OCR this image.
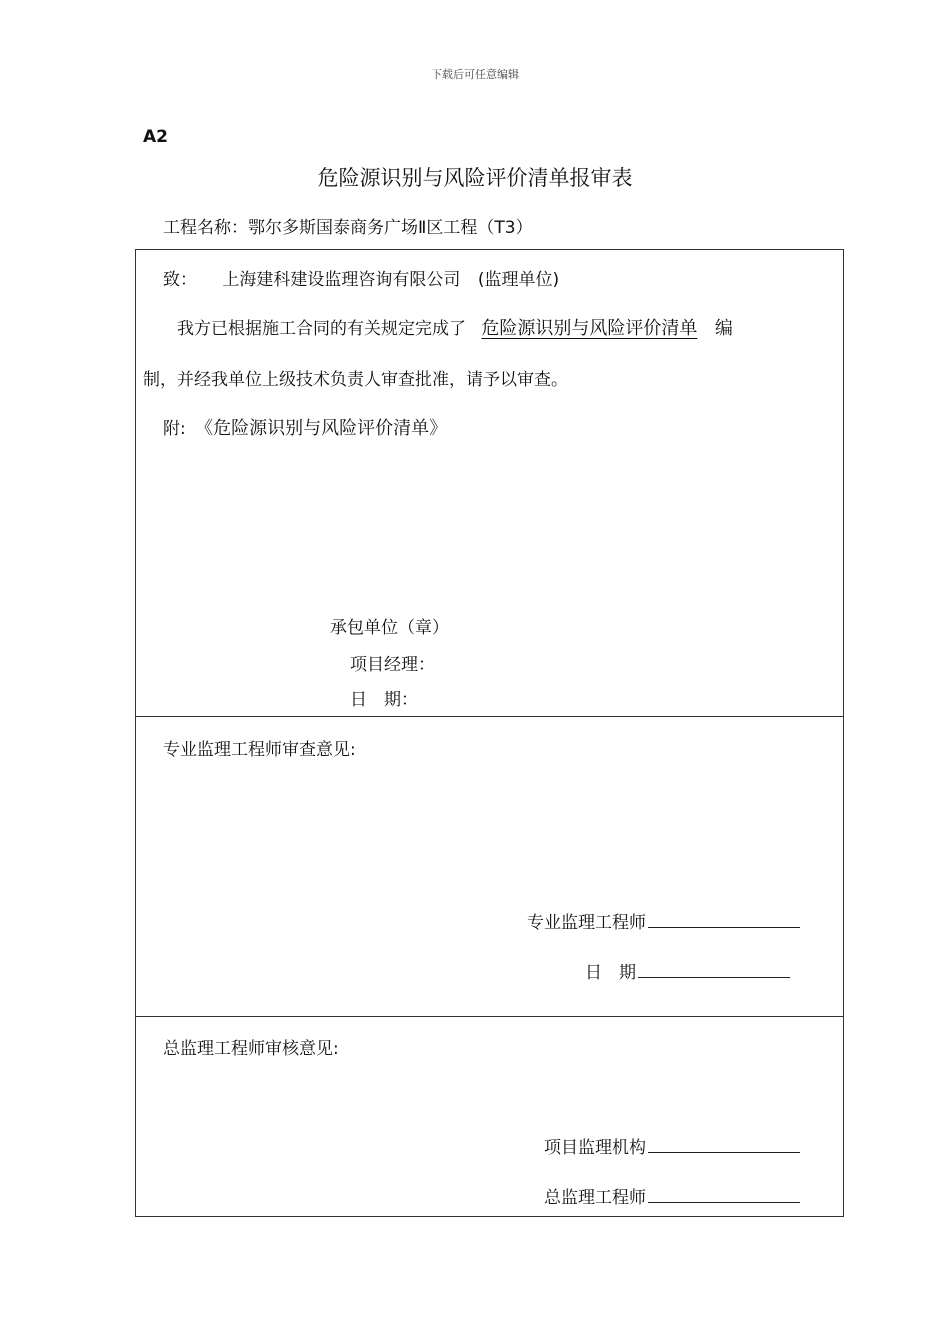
下载后可任意编辑
A2
危险源识别与风险评价清单报审表
工程名称：鄂尔多斯国泰商务广场Ⅱ区工程（T3）
致： 上海建科建设监理咨询有限公司 (监理单位)
我方已根据施工合同的有关规定完成了 危险源识别与风险评价清单 编
制，并经我单位上级技术负责人审查批准，请予以审查。
附: 《危险源识别与风险评价清单》
承包单位（章）
项目经理：
日　期：
专业监理工程师审查意见:
专业监理工程师
日　期
总监理工程师审核意见:
项目监理机构
总监理工程师
